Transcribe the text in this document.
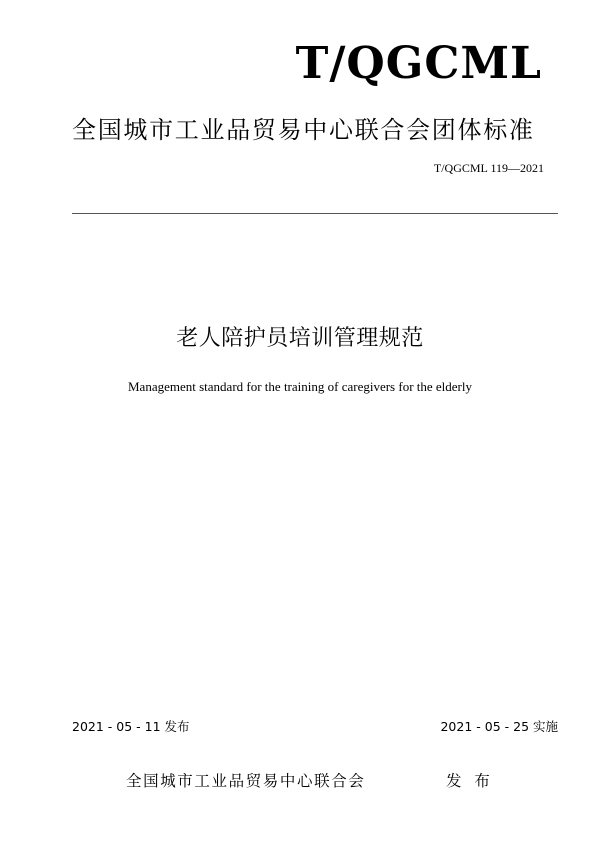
T/QGCML
全国城市工业品贸易中心联合会团体标准
T/QGCML 119—2021
老人陪护员培训管理规范
Management standard for the training of caregivers for the elderly
2021 - 05 - 11 发布	2021 - 05 - 25 实施
全国城市工业品贸易中心联合会	发 布
